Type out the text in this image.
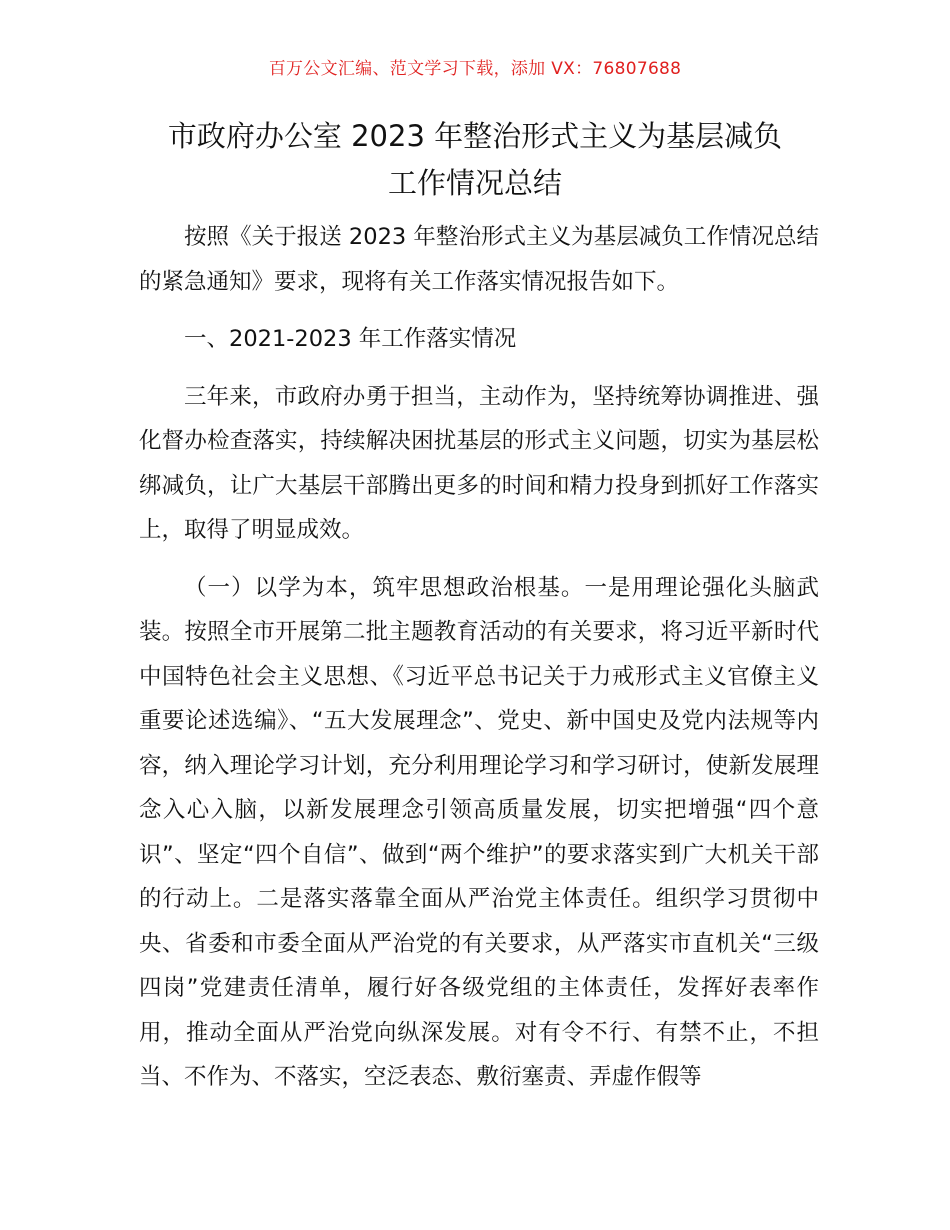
百万公文汇编、范文学习下载，添加 VX：76807688
市政府办公室 2023 年整治形式主义为基层减负
工作情况总结

按照《关于报送 2023 年整治形式主义为基层减负工作情况总结的紧急通知》要求，现将有关工作落实情况报告如下。

一、2021-2023 年工作落实情况

三年来，市政府办勇于担当，主动作为，坚持统筹协调推进、强化督办检查落实，持续解决困扰基层的形式主义问题，切实为基层松绑减负，让广大基层干部腾出更多的时间和精力投身到抓好工作落实上，取得了明显成效。

（一）以学为本，筑牢思想政治根基。一是用理论强化头脑武装。按照全市开展第二批主题教育活动的有关要求，将习近平新时代中国特色社会主义思想、《习近平总书记关于力戒形式主义官僚主义重要论述选编》、“五大发展理念”、党史、新中国史及党内法规等内容，纳入理论学习计划，充分利用理论学习和学习研讨，使新发展理念入心入脑，以新发展理念引领高质量发展，切实把增强“四个意识”、坚定“四个自信”、做到“两个维护”的要求落实到广大机关干部的行动上。二是落实落靠全面从严治党主体责任。组织学习贯彻中央、省委和市委全面从严治党的有关要求，从严落实市直机关“三级四岗”党建责任清单，履行好各级党组的主体责任，发挥好表率作用，推动全面从严治党向纵深发展。对有令不行、有禁不止，不担当、不作为、不落实，空泛表态、敷衍塞责、弄虚作假等
